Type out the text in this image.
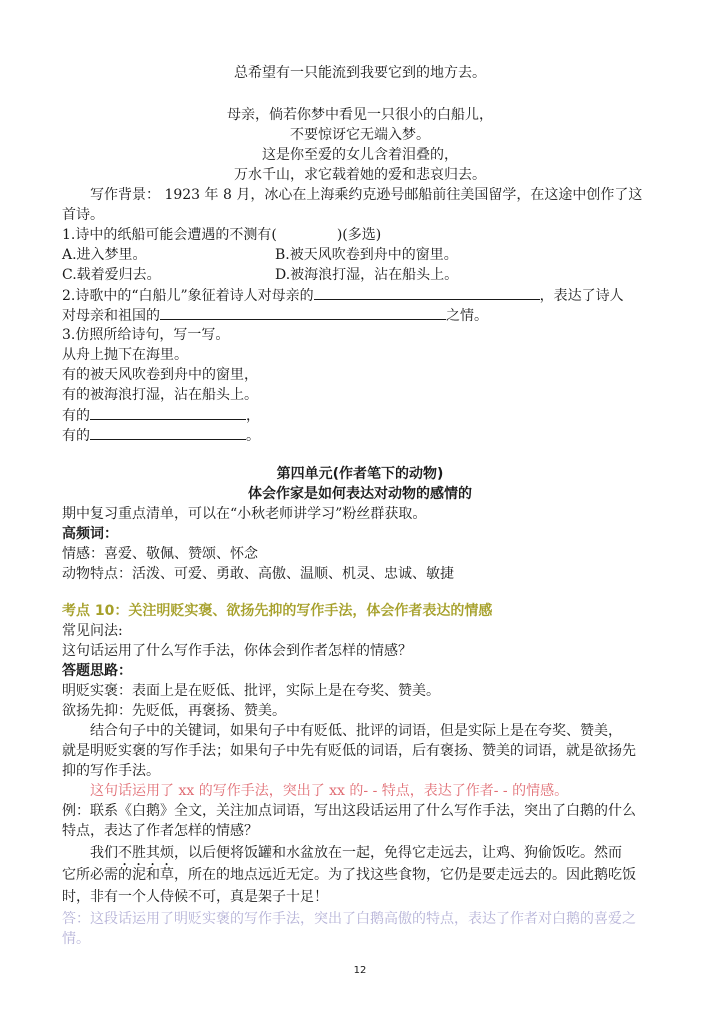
总希望有一只能流到我要它到的地方去。
母亲，倘若你梦中看见一只很小的白船儿，
不要惊讶它无端入梦。
这是你至爱的女儿含着泪叠的，
万水千山，求它载着她的爱和悲哀归去。
写作背景： 1923 年 8 月，冰心在上海乘约克逊号邮船前往美国留学，在这途中创作了这
首诗。
1.诗中的纸船可能会遭遇的不测有(	)(多选)
A.进入梦里。	B.被天风吹卷到舟中的窗里。
C.载着爱归去。	D.被海浪打湿，沾在船头上。
2.诗歌中的“白船儿”象征着诗人对母亲的	，表达了诗人
对母亲和祖国的	之情。
3.仿照所给诗句，写一写。
从舟上抛下在海里。
有的被天风吹卷到舟中的窗里，
有的被海浪打湿，沾在船头上。
有的	，
有的	。
第四单元(作者笔下的动物)
体会作家是如何表达对动物的感情的
期中复习重点清单，可以在“小秋老师讲学习”粉丝群获取。
高频词：
情感：喜爱、敬佩、赞颂、怀念
动物特点：活泼、可爱、勇敢、高傲、温顺、机灵、忠诚、敏捷
考点 10：关注明贬实褒、欲扬先抑的写作手法，体会作者表达的情感
常见问法:
这句话运用了什么写作手法，你体会到作者怎样的情感？
答题思路：
明贬实褒：表面上是在贬低、批评，实际上是在夸奖、赞美。
欲扬先抑：先贬低，再褒扬、赞美。
结合句子中的关键词，如果句子中有贬低、批评的词语，但是实际上是在夸奖、赞美，
就是明贬实褒的写作手法；如果句子中先有贬低的词语，后有褒扬、赞美的词语，就是欲扬先
抑的写作手法。
这句话运用了 xx 的写作手法，突出了 xx 的- - 特点，表达了作者- - 的情感。
例：联系《白鹅》全文，关注加点词语，写出这段话运用了什么写作手法，突出了白鹅的什么
特点，表达了作者怎样的情感？
我们不胜其烦，以后便将饭罐和水盆放在一起，免得它走远去，让鸡、狗偷饭吃。然而
它所必需的泥和草，所在的地点远近无定。为了找这些食物，它仍是要走远去的。因此鹅吃饭
时，非有一个人侍候不可，真是架子十足！
答：这段话运用了明贬实褒的写作手法，突出了白鹅高傲的特点，表达了作者对白鹅的喜爱之
情。
12
